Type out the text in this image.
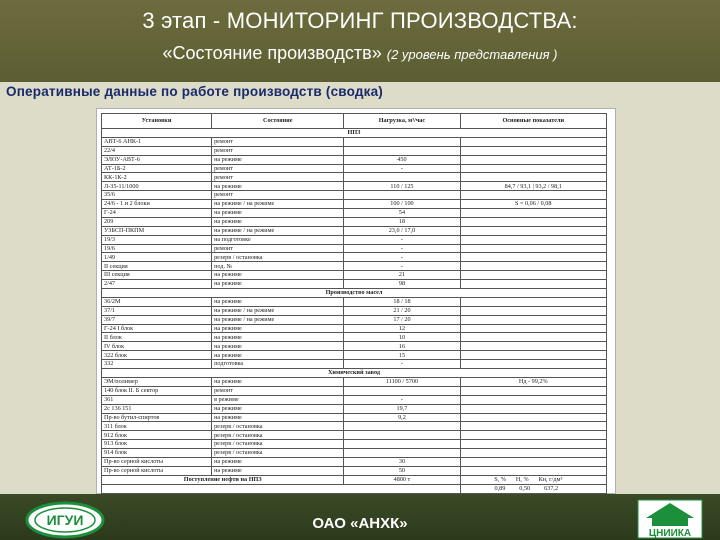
3 этап - МОНИТОРИНГ ПРОИЗВОДСТВА:
«Состояние производств» (2 уровень представления )
Оперативные данные по работе производств (сводка)
Установки	Состояние	Нагрузка, м³/час	Основные показатели
НПЗ			
АВТ-6 АНК-1	ремонт		
22/4	ремонт		
ЭЛОУ-АВТ-6	на режиме	450	
АТ-1Б-2	ремонт	-	
КК-1К-2	ремонт		
Л-35-11/1000	на режиме	110 / 125	84,7 / 93,1 | 93,2 / 98,1
35/6	ремонт		
24/6 - 1 и 2 блоки	на режиме / на режиме	100 / 100	S = 0,06 / 0,08
Г-24	на режиме	54	
209	на режиме	18	
УЗБСП-ПКПМ	на режиме / на режиме	23,0 / 17,0	
19/3	на подготовке	-	
19/6	ремонт	-	
1/49	резерв / остановка	-	
II секция	под. №	-	
III секция	на режиме	21	
2/47	на режиме	98	
Производство масел			
36/2М	на режиме	18 / 18	
37/1	на режиме / на режиме	21 / 20	
39/7	на режиме / на режиме	17 / 20	
Г-24 I блок	на режиме	12	
II блок	на режиме	10	
IV блок	на режиме	16	
322 блок	на режиме	15	
332	подготовка	-	
Химический завод			
ЭМ/полимер	на режиме	11100 / 5700	Нд - 99,2%
140 блок II. Б сектор	ремонт		
361	в режиме	-	
2с 136 151	на режиме	19,7	
Пр-во бутил-спиртов	на режиме	9,2	
311 блок	резерв / остановка		
912 блок	резерв / остановка		
913 блок	резерв / остановка		
914 блок	резерв / остановка		
Пр-во серной кислоты	на режиме	30	
Пр-во серной кислоты	на режиме	50	
Поступление нефти на НПЗ		4800 т	S, % Н, % Кн, г/дм³
			0,89 0,50 637,2

ИГУИ	ОАО «АНХК»
ЦНИИКА
